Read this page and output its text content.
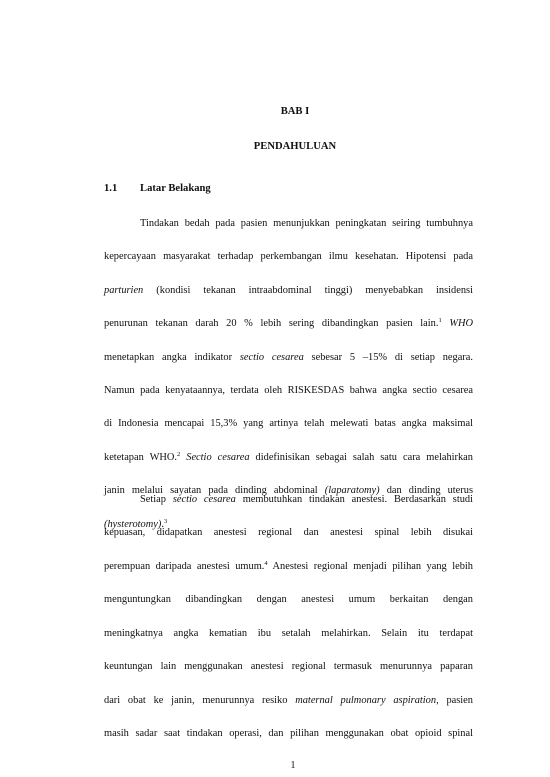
BAB I
PENDAHULUAN
1.1 Latar Belakang
Tindakan bedah pada pasien menunjukkan peningkatan seiring tumbuhnya
kepercayaan masyarakat terhadap perkembangan ilmu kesehatan. Hipotensi pada
parturien (kondisi tekanan intraabdominal tinggi) menyebabkan insidensi
penurunan tekanan darah 20 % lebih sering dibandingkan pasien lain.$^1$ WHO
menetapkan angka indikator sectio cesarea sebesar 5 –15% di setiap negara.
Namun pada kenyataannya, terdata oleh RISKESDAS bahwa angka sectio cesarea
di Indonesia mencapai 15,3% yang artinya telah melewati batas angka maksimal
ketetapan WHO.$^2$ Sectio cesarea didefinisikan sebagai salah satu cara melahirkan
janin melalui sayatan pada dinding abdominal (laparatomy) dan dinding uterus
(hysterotomy).$^3$
Setiap sectio cesarea membutuhkan tindakan anestesi. Berdasarkan studi
kepuasan, didapatkan anestesi regional dan anestesi spinal lebih disukai
perempuan daripada anestesi umum.$^4$ Anestesi regional menjadi pilihan yang lebih
menguntungkan dibandingkan dengan anestesi umum berkaitan dengan
meningkatnya angka kematian ibu setalah melahirkan. Selain itu terdapat
keuntungan lain menggunakan anestesi regional termasuk menurunnya paparan
dari obat ke janin, menurunnya resiko maternal pulmonary aspiration, pasien
masih sadar saat tindakan operasi, dan pilihan menggunakan obat opioid spinal
1
